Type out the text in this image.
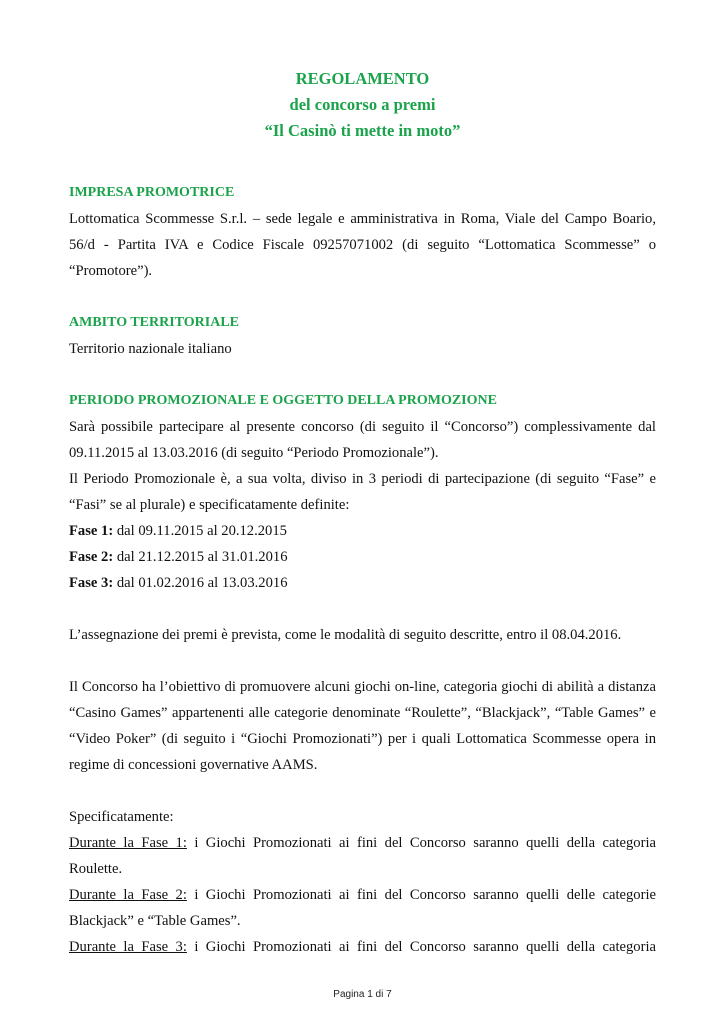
REGOLAMENTO
del concorso a premi
“Il Casinò ti mette in moto”
IMPRESA PROMOTRICE
Lottomatica Scommesse S.r.l. – sede legale e amministrativa in Roma, Viale del Campo Boario, 56/d - Partita IVA e Codice Fiscale 09257071002 (di seguito “Lottomatica Scommesse” o “Promotore”).
AMBITO TERRITORIALE
Territorio nazionale italiano
PERIODO PROMOZIONALE E OGGETTO DELLA PROMOZIONE
Sarà possibile partecipare al presente concorso (di seguito il “Concorso”) complessivamente dal 09.11.2015 al 13.03.2016 (di seguito “Periodo Promozionale”).
Il Periodo Promozionale è, a sua volta, diviso in 3 periodi di partecipazione (di seguito “Fase” e “Fasi” se al plurale) e specificatamente definite:
Fase 1: dal 09.11.2015 al 20.12.2015
Fase 2: dal 21.12.2015 al 31.01.2016
Fase 3: dal 01.02.2016 al 13.03.2016
L’assegnazione dei premi è prevista, come le modalità di seguito descritte, entro il 08.04.2016.
Il Concorso ha l’obiettivo di promuovere alcuni giochi on-line, categoria giochi di abilità a distanza “Casino Games” appartenenti alle categorie denominate “Roulette”, “Blackjack”, “Table Games” e “Video Poker” (di seguito i “Giochi Promozionati”) per i quali Lottomatica Scommesse opera in regime di concessioni governative AAMS.
Specificatamente:
Durante la Fase 1: i Giochi Promozionati ai fini del Concorso saranno quelli della categoria Roulette.
Durante la Fase 2: i Giochi Promozionati ai fini del Concorso saranno quelli delle categorie Blackjack” e “Table Games”.
Durante la Fase 3: i Giochi Promozionati ai fini del Concorso saranno quelli della categoria
Pagina 1 di 7
